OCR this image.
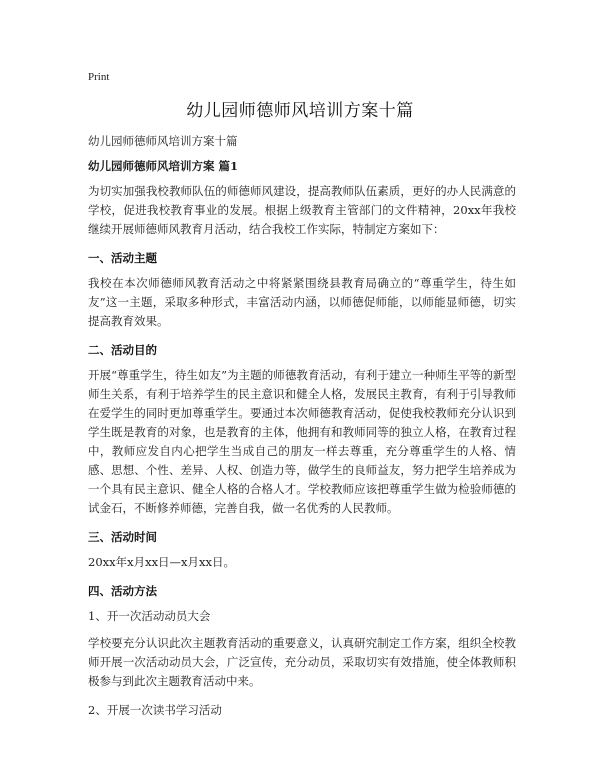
Print
幼儿园师德师风培训方案十篇
幼儿园师德师风培训方案十篇
幼儿园师德师风培训方案 篇1
为切实加强我校教师队伍的师德师风建设，提高教师队伍素质，更好的办人民满意的学校，促进我校教育事业的发展。根据上级教育主管部门的文件精神，20xx年我校继续开展师德师风教育月活动，结合我校工作实际，特制定方案如下：
一、活动主题
我校在本次师德师风教育活动之中将紧紧围绕县教育局确立的“尊重学生，待生如友”这一主题，采取多种形式，丰富活动内涵，以师德促师能，以师能显师德，切实提高教育效果。
二、活动目的
开展“尊重学生，待生如友”为主题的师德教育活动，有利于建立一种师生平等的新型师生关系，有利于培养学生的民主意识和健全人格，发展民主教育，有利于引导教师在爱学生的同时更加尊重学生。要通过本次师德教育活动，促使我校教师充分认识到学生既是教育的对象，也是教育的主体，他拥有和教师同等的独立人格，在教育过程中，教师应发自内心把学生当成自己的朋友一样去尊重，充分尊重学生的人格、情感、思想、个性、差异、人权、创造力等，做学生的良师益友，努力把学生培养成为一个具有民主意识、健全人格的合格人才。学校教师应该把尊重学生做为检验师德的试金石，不断修养师德，完善自我，做一名优秀的人民教师。
三、活动时间
20xx年x月xx日—x月xx日。
四、活动方法
1、开一次活动动员大会
学校要充分认识此次主题教育活动的重要意义，认真研究制定工作方案，组织全校教师开展一次活动动员大会，广泛宣传，充分动员，采取切实有效措施，使全体教师积极参与到此次主题教育活动中来。
2、开展一次读书学习活动
